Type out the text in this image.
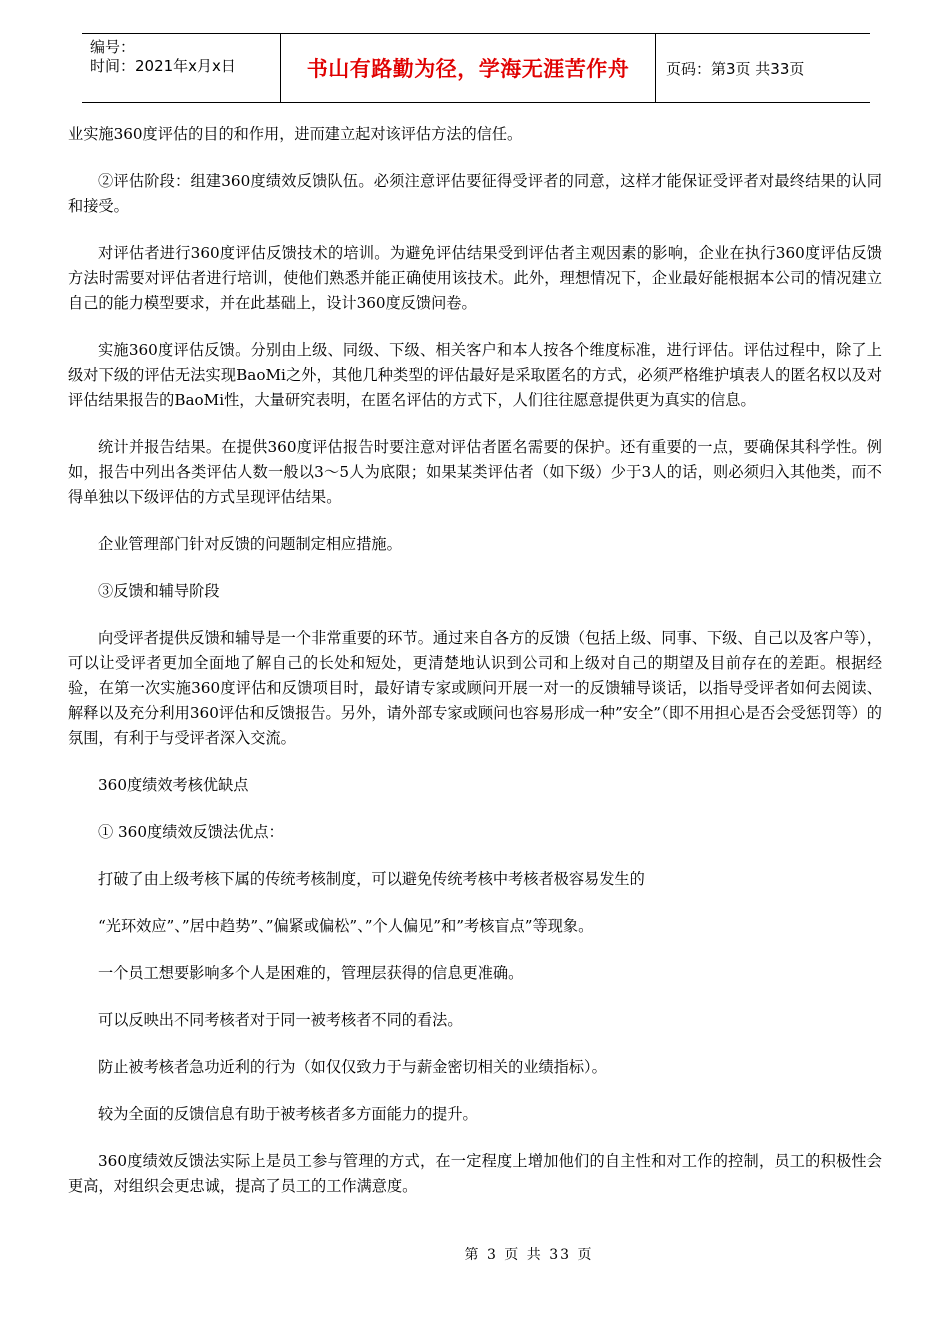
编号：
时间：2021年x月x日	书山有路勤为径，学海无涯苦作舟	页码：第3页 共33页

业实施360度评估的目的和作用，进而建立起对该评估方法的信任。

②评估阶段：组建360度绩效反馈队伍。必须注意评估要征得受评者的同意，这样才能保证受评者对最终结果的认同和接受。

对评估者进行360度评估反馈技术的培训。为避免评估结果受到评估者主观因素的影响，企业在执行360度评估反馈方法时需要对评估者进行培训，使他们熟悉并能正确使用该技术。此外，理想情况下，企业最好能根据本公司的情况建立自己的能力模型要求，并在此基础上，设计360度反馈问卷。

实施360度评估反馈。分别由上级、同级、下级、相关客户和本人按各个维度标准，进行评估。评估过程中，除了上级对下级的评估无法实现BaoMi之外，其他几种类型的评估最好是采取匿名的方式，必须严格维护填表人的匿名权以及对评估结果报告的BaoMi性，大量研究表明，在匿名评估的方式下，人们往往愿意提供更为真实的信息。

统计并报告结果。在提供360度评估报告时要注意对评估者匿名需要的保护。还有重要的一点，要确保其科学性。例如，报告中列出各类评估人数一般以3～5人为底限；如果某类评估者（如下级）少于3人的话，则必须归入其他类，而不得单独以下级评估的方式呈现评估结果。

企业管理部门针对反馈的问题制定相应措施。

③反馈和辅导阶段

向受评者提供反馈和辅导是一个非常重要的环节。通过来自各方的反馈（包括上级、同事、下级、自己以及客户等），可以让受评者更加全面地了解自己的长处和短处，更清楚地认识到公司和上级对自己的期望及目前存在的差距。根据经验，在第一次实施360度评估和反馈项目时，最好请专家或顾问开展一对一的反馈辅导谈话，以指导受评者如何去阅读、解释以及充分利用360评估和反馈报告。另外，请外部专家或顾问也容易形成一种”安全”（即不用担心是否会受惩罚等）的氛围，有利于与受评者深入交流。

360度绩效考核优缺点

① 360度绩效反馈法优点：

打破了由上级考核下属的传统考核制度，可以避免传统考核中考核者极容易发生的

“光环效应”、”居中趋势”、”偏紧或偏松”、”个人偏见”和”考核盲点”等现象。

一个员工想要影响多个人是困难的，管理层获得的信息更准确。

可以反映出不同考核者对于同一被考核者不同的看法。

防止被考核者急功近利的行为（如仅仅致力于与薪金密切相关的业绩指标）。

较为全面的反馈信息有助于被考核者多方面能力的提升。

360度绩效反馈法实际上是员工参与管理的方式，在一定程度上增加他们的自主性和对工作的控制，员工的积极性会更高，对组织会更忠诚，提高了员工的工作满意度。

第 3 页 共 33 页
